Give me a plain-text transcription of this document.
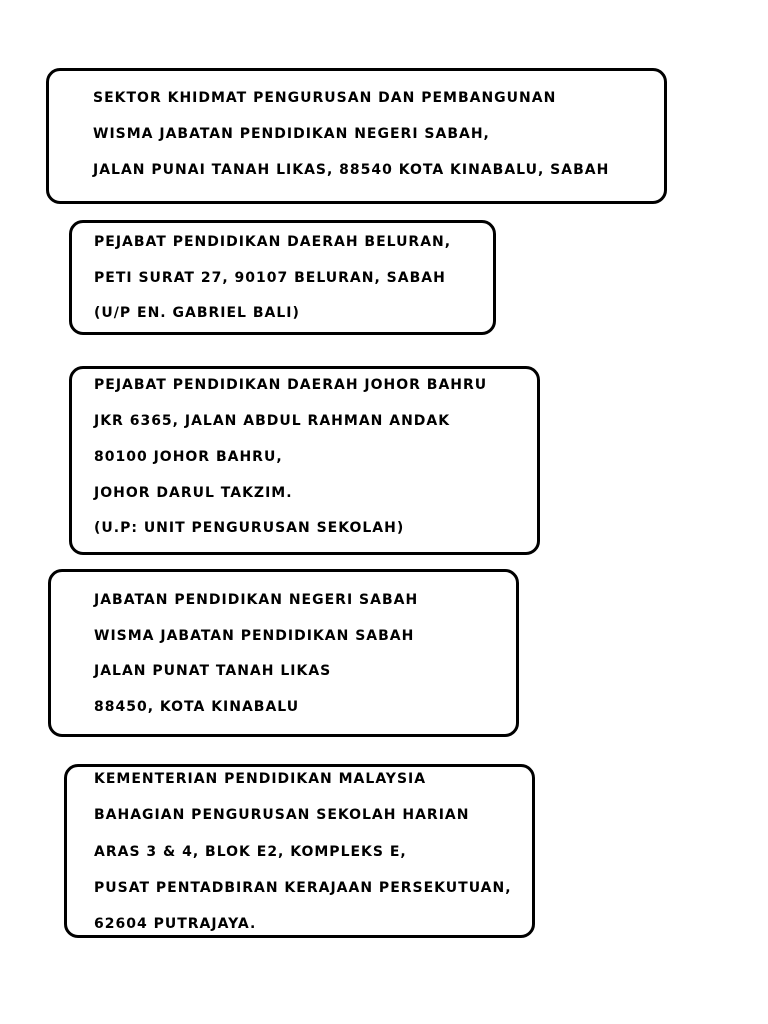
SEKTOR KHIDMAT PENGURUSAN DAN PEMBANGUNAN
WISMA JABATAN PENDIDIKAN NEGERI SABAH,
JALAN PUNAI TANAH LIKAS, 88540 KOTA KINABALU, SABAH
PEJABAT PENDIDIKAN DAERAH BELURAN,
PETI SURAT 27, 90107 BELURAN, SABAH
(U/P EN. GABRIEL BALI)
PEJABAT PENDIDIKAN DAERAH JOHOR BAHRU
JKR 6365, JALAN ABDUL RAHMAN ANDAK
80100 JOHOR BAHRU,
JOHOR DARUL TAKZIM.
(U.P: UNIT PENGURUSAN SEKOLAH)
JABATAN PENDIDIKAN NEGERI SABAH
WISMA JABATAN PENDIDIKAN SABAH
JALAN PUNAT TANAH LIKAS
88450, KOTA KINABALU
KEMENTERIAN PENDIDIKAN MALAYSIA
BAHAGIAN PENGURUSAN SEKOLAH HARIAN
ARAS 3 & 4, BLOK E2, KOMPLEKS E,
PUSAT PENTADBIRAN KERAJAAN PERSEKUTUAN,
62604 PUTRAJAYA.
